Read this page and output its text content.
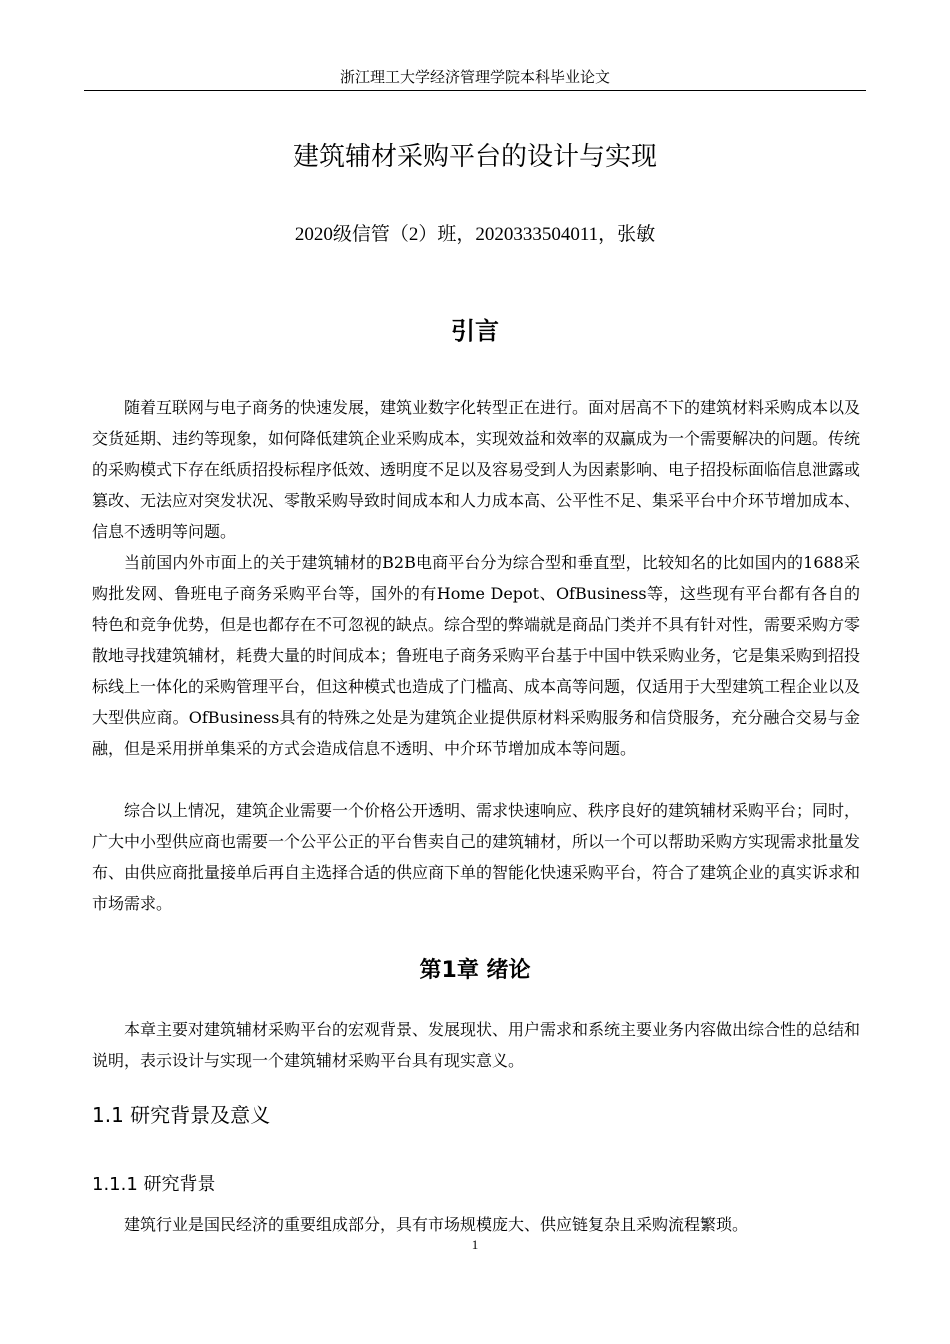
浙江理工大学经济管理学院本科毕业论文
建筑辅材采购平台的设计与实现
2020级信管（2）班，2020333504011，张敏
引言

随着互联网与电子商务的快速发展，建筑业数字化转型正在进行。面对居高不下的建筑材料采购成本以及交货延期、违约等现象，如何降低建筑企业采购成本，实现效益和效率的双赢成为一个需要解决的问题。传统的采购模式下存在纸质招投标程序低效、透明度不足以及容易受到人为因素影响、电子招投标面临信息泄露或篡改、无法应对突发状况、零散采购导致时间成本和人力成本高、公平性不足、集采平台中介环节增加成本、信息不透明等问题。

当前国内外市面上的关于建筑辅材的B2B电商平台分为综合型和垂直型，比较知名的比如国内的1688采购批发网、鲁班电子商务采购平台等，国外的有Home Depot、OfBusiness等，这些现有平台都有各自的特色和竞争优势，但是也都存在不可忽视的缺点。综合型的弊端就是商品门类并不具有针对性，需要采购方零散地寻找建筑辅材，耗费大量的时间成本；鲁班电子商务采购平台基于中国中铁采购业务，它是集采购到招投标线上一体化的采购管理平台，但这种模式也造成了门槛高、成本高等问题，仅适用于大型建筑工程企业以及大型供应商。OfBusiness具有的特殊之处是为建筑企业提供原材料采购服务和信贷服务，充分融合交易与金融，但是采用拼单集采的方式会造成信息不透明、中介环节增加成本等问题。

综合以上情况，建筑企业需要一个价格公开透明、需求快速响应、秩序良好的建筑辅材采购平台；同时，广大中小型供应商也需要一个公平公正的平台售卖自己的建筑辅材，所以一个可以帮助采购方实现需求批量发布、由供应商批量接单后再自主选择合适的供应商下单的智能化快速采购平台，符合了建筑企业的真实诉求和市场需求。

第1章 绪论

本章主要对建筑辅材采购平台的宏观背景、发展现状、用户需求和系统主要业务内容做出综合性的总结和说明，表示设计与实现一个建筑辅材采购平台具有现实意义。

1.1 研究背景及意义
1.1.1 研究背景

建筑行业是国民经济的重要组成部分，具有市场规模庞大、供应链复杂且采购流程繁琐。

1
